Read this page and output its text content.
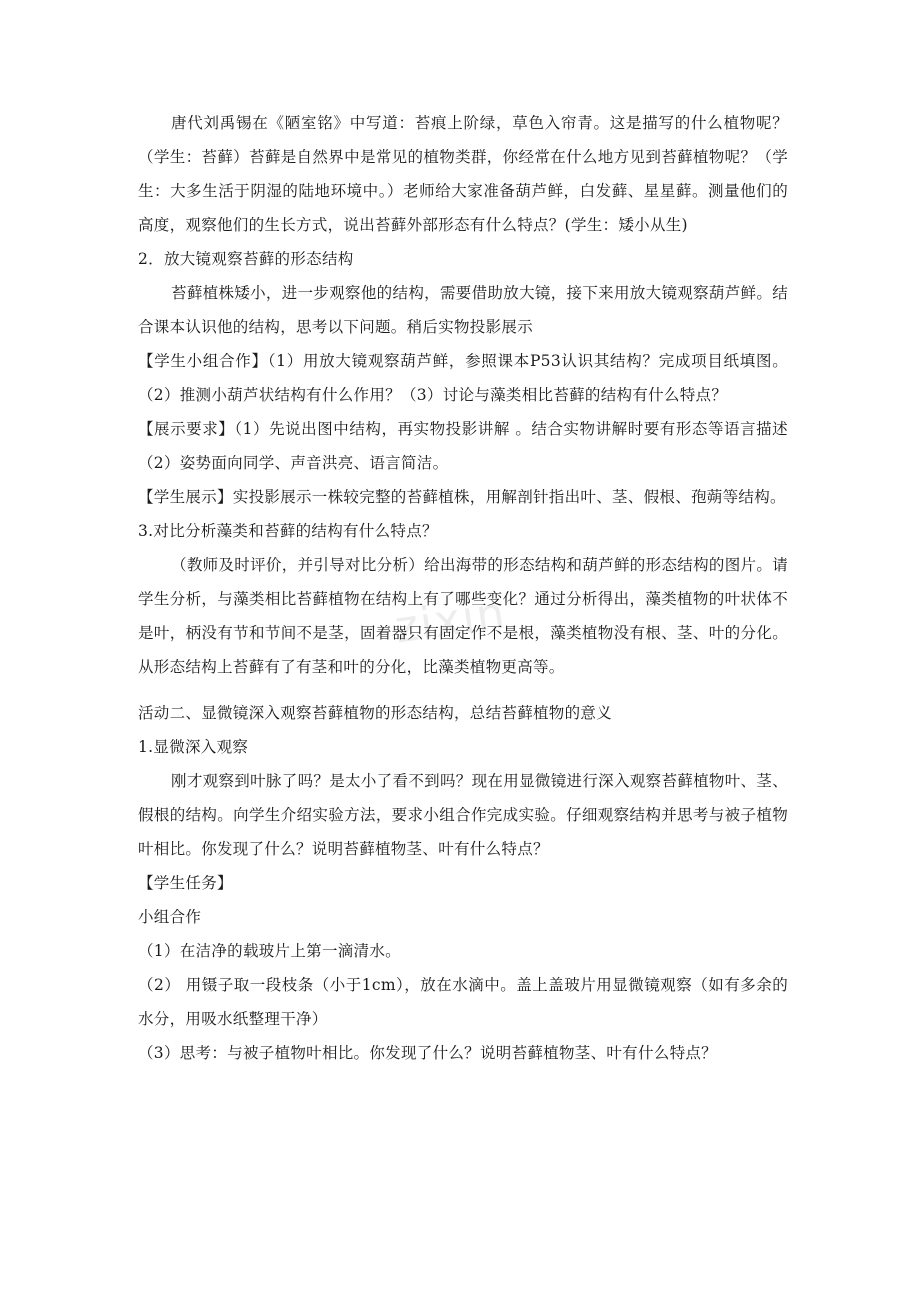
zixin

唐代刘禹锡在《陋室铭》中写道：苔痕上阶绿，草色入帘青。这是描写的什么植物呢？（学生：苔藓）苔藓是自然界中是常见的植物类群，你经常在什么地方见到苔藓植物呢？（学生：大多生活于阴湿的陆地环境中。）老师给大家准备葫芦鲜，白发藓、星星藓。测量他们的高度，观察他们的生长方式，说出苔藓外部形态有什么特点？(学生：矮小从生)

2．放大镜观察苔藓的形态结构

苔藓植株矮小，进一步观察他的结构，需要借助放大镜，接下来用放大镜观察葫芦鲜。结合课本认识他的结构，思考以下问题。稍后实物投影展示

【学生小组合作】（1）用放大镜观察葫芦鲜，参照课本P53认识其结构？完成项目纸填图。（2）推测小葫芦状结构有什么作用？（3）讨论与藻类相比苔藓的结构有什么特点？

【展示要求】（1）先说出图中结构，再实物投影讲解 。结合实物讲解时要有形态等语言描述（2）姿势面向同学、声音洪亮、语言简洁。

【学生展示】实投影展示一株较完整的苔藓植株，用解剖针指出叶、茎、假根、孢蒴等结构。

3.对比分析藻类和苔藓的结构有什么特点？

（教师及时评价，并引导对比分析）给出海带的形态结构和葫芦鲜的形态结构的图片。请学生分析，与藻类相比苔藓植物在结构上有了哪些变化？通过分析得出，藻类植物的叶状体不是叶，柄没有节和节间不是茎，固着器只有固定作不是根，藻类植物没有根、茎、叶的分化。从形态结构上苔藓有了有茎和叶的分化，比藻类植物更高等。

活动二、显微镜深入观察苔藓植物的形态结构，总结苔藓植物的意义

1.显微深入观察

刚才观察到叶脉了吗？是太小了看不到吗？现在用显微镜进行深入观察苔藓植物叶、茎、假根的结构。向学生介绍实验方法，要求小组合作完成实验。仔细观察结构并思考与被子植物叶相比。你发现了什么？说明苔藓植物茎、叶有什么特点？

【学生任务】

小组合作

（1）在洁净的载玻片上第一滴清水。

（2） 用镊子取一段枝条（小于1cm），放在水滴中。盖上盖玻片用显微镜观察（如有多余的水分，用吸水纸整理干净）

（3）思考：与被子植物叶相比。你发现了什么？说明苔藓植物茎、叶有什么特点？
